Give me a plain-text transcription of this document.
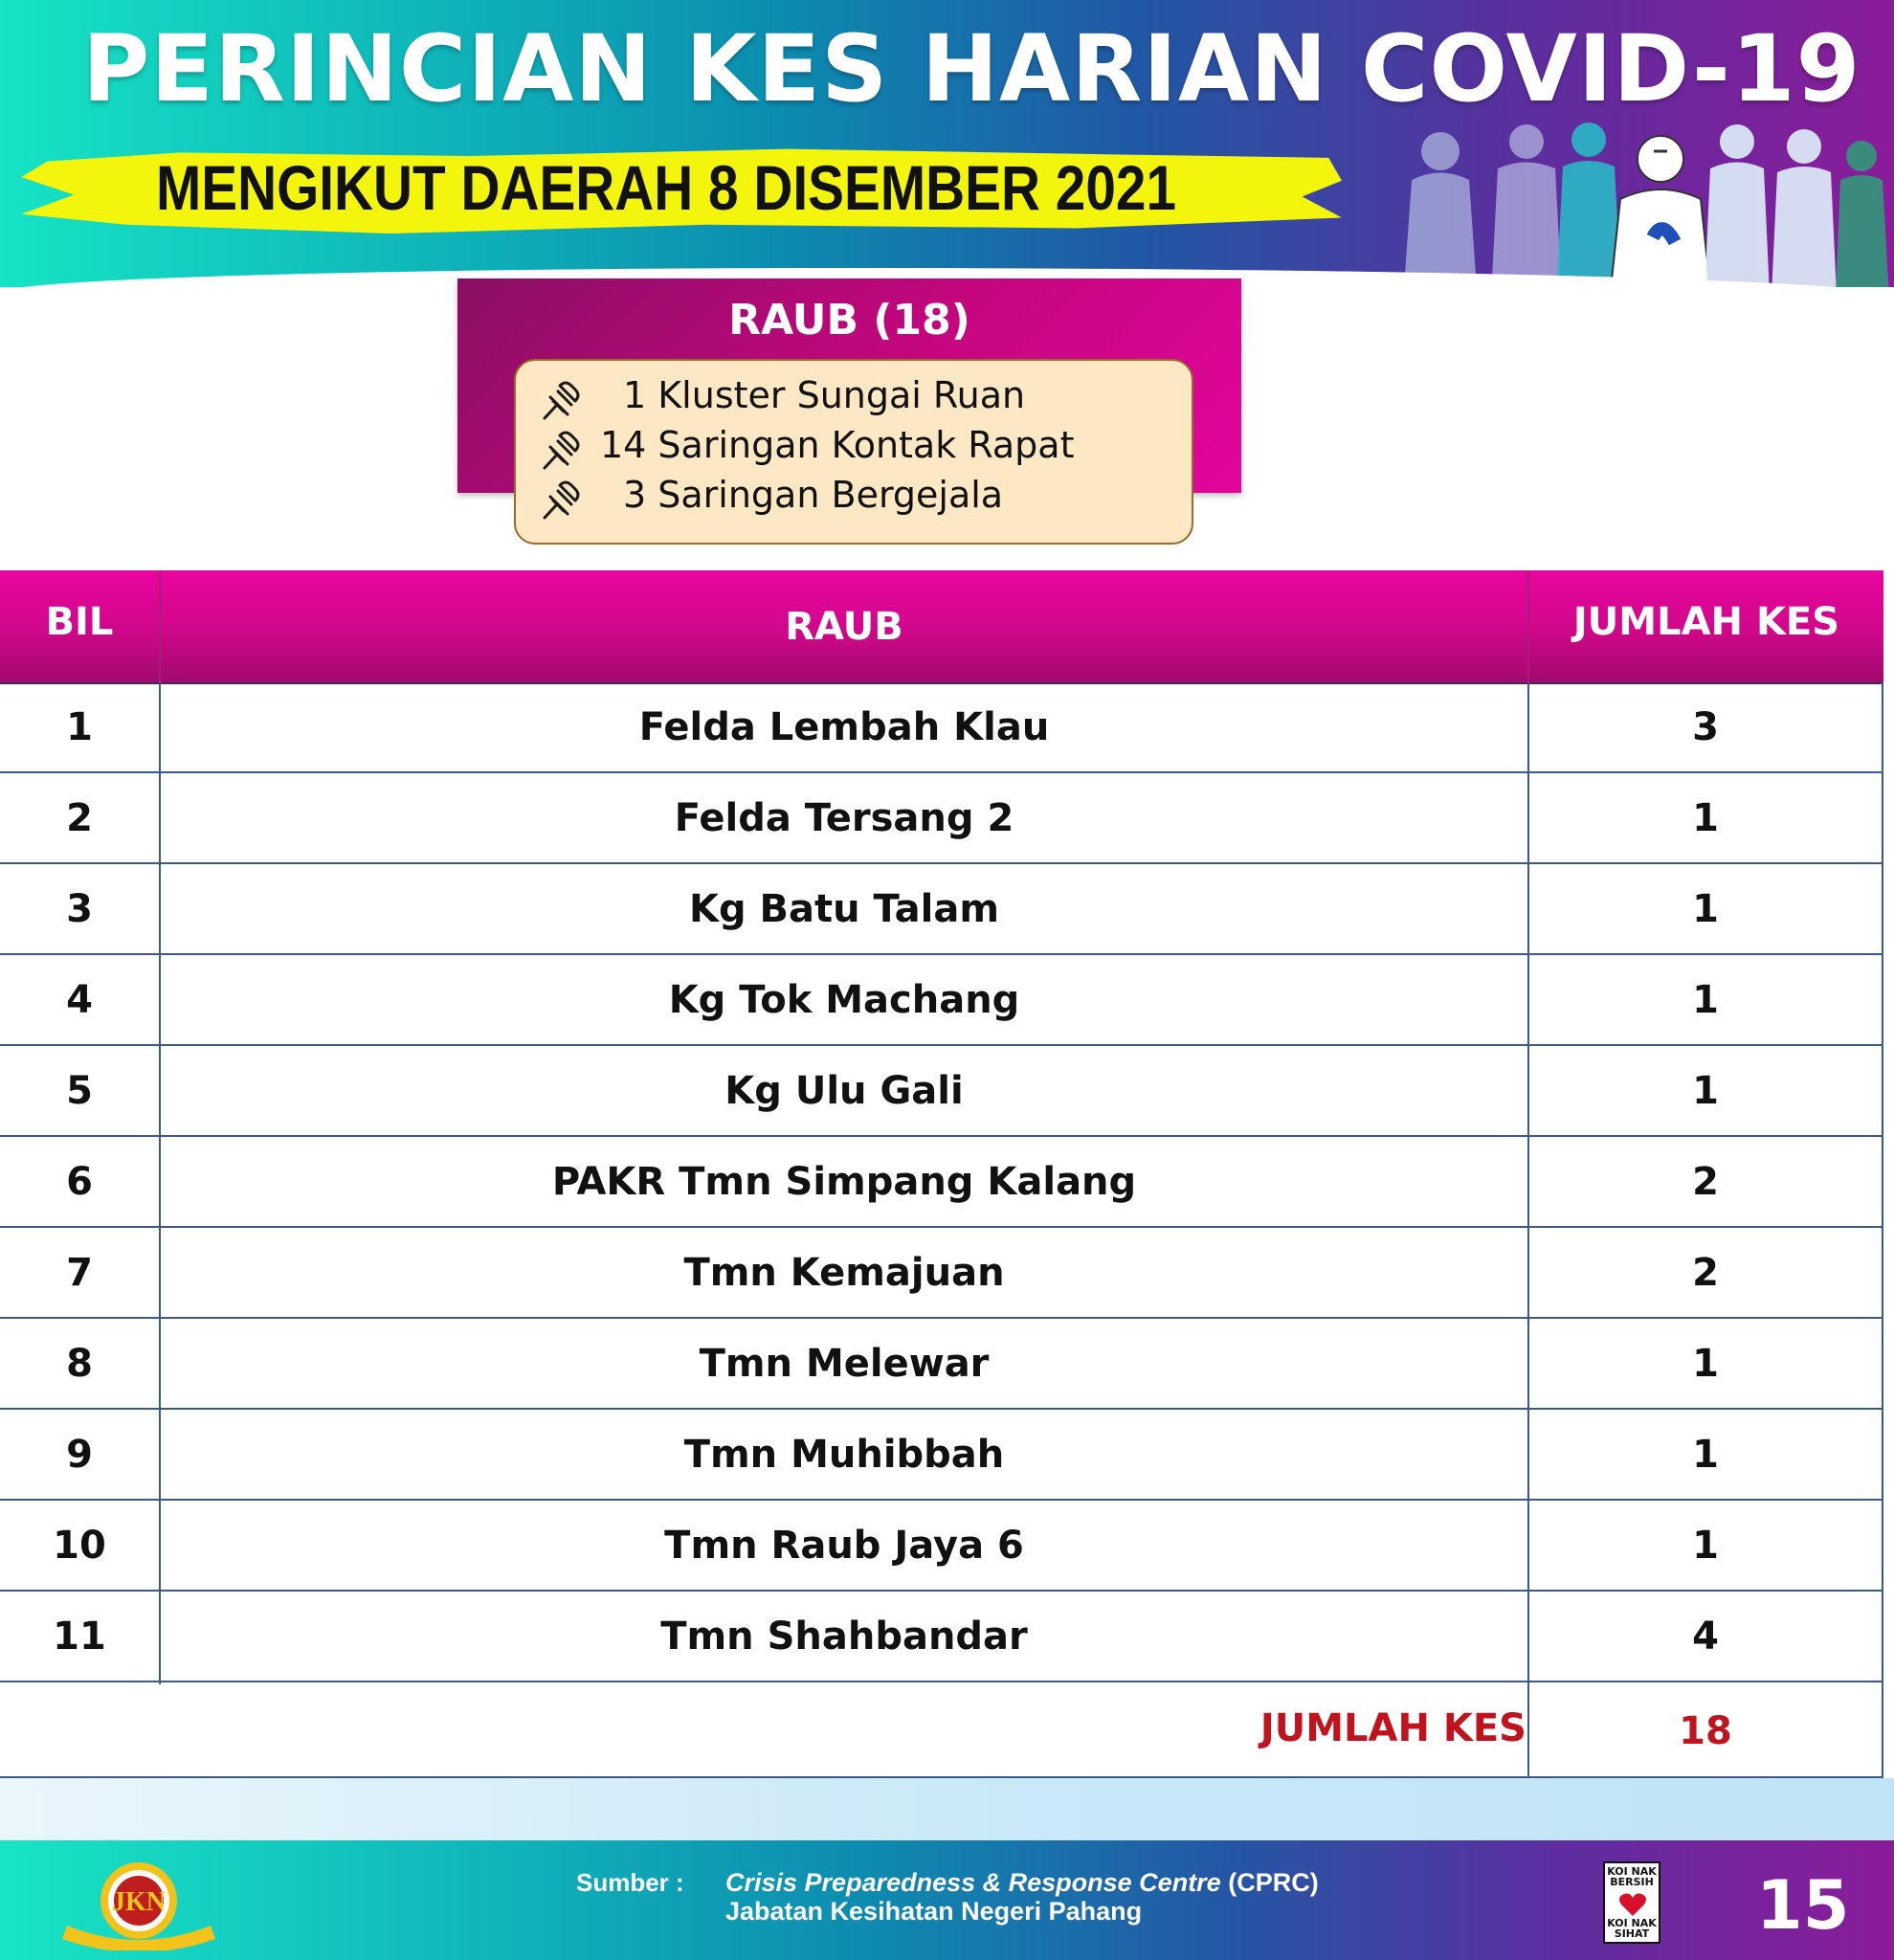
PERINCIAN KES HARIAN COVID-19
MENGIKUT DAERAH 8 DISEMBER 2021
RAUB (18)
1 Kluster Sungai Ruan
14 Saringan Kontak Rapat
3 Saringan Bergejala
BIL	RAUB	JUMLAH KES
1	Felda Lembah Klau	3
2	Felda Tersang 2	1
3	Kg Batu Talam	1
4	Kg Tok Machang	1
5	Kg Ulu Gali	1
6	PAKR Tmn Simpang Kalang	2
7	Tmn Kemajuan	2
8	Tmn Melewar	1
9	Tmn Muhibbah	1
10	Tmn Raub Jaya 6	1
11	Tmn Shahbandar	4
JUMLAH KES	18
JKN
Sumber : Crisis Preparedness & Response Centre (CPRC)
Jabatan Kesihatan Negeri Pahang
KOI NAK BERSIH
KOI NAK SIHAT 15
